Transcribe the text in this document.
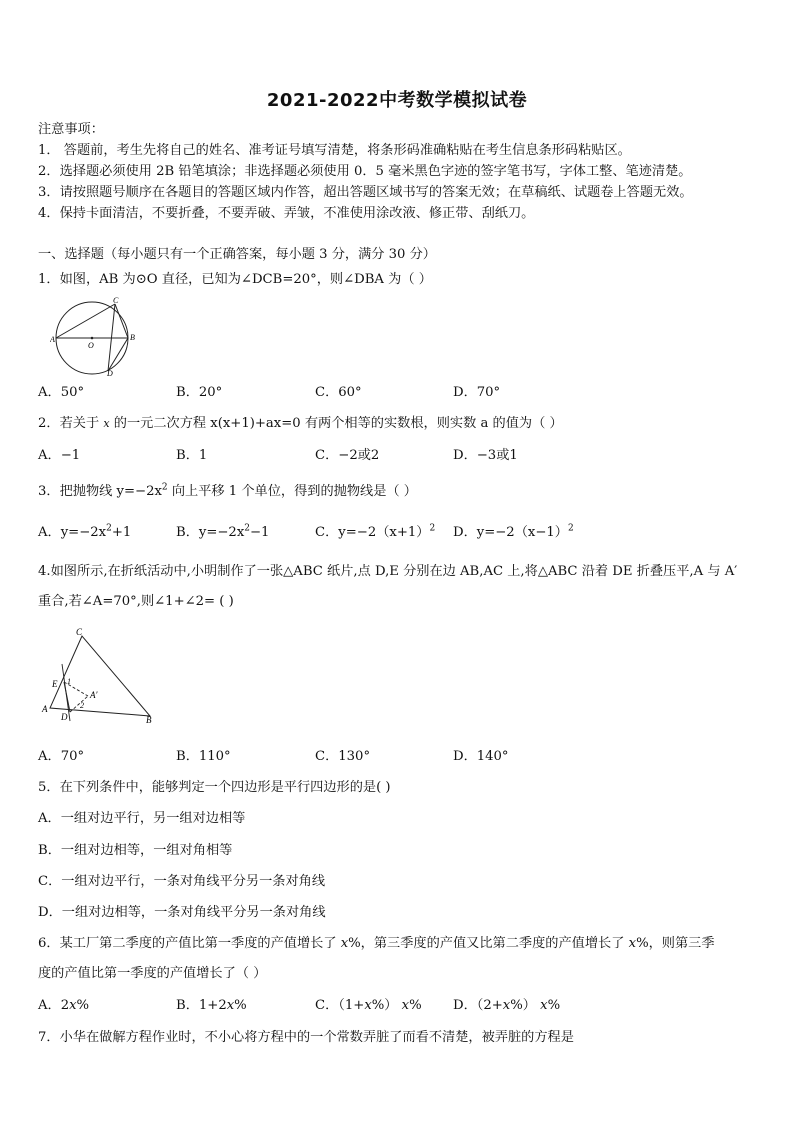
2021-2022中考数学模拟试卷
注意事项：
1． 答题前，考生先将自己的姓名、准考证号填写清楚，将条形码准确粘贴在考生信息条形码粘贴区。
2．选择题必须使用 2B 铅笔填涂；非选择题必须使用 0．5 毫米黑色字迹的签字笔书写，字体工整、笔迹清楚。
3．请按照题号顺序在各题目的答题区域内作答，超出答题区域书写的答案无效；在草稿纸、试题卷上答题无效。
4．保持卡面清洁，不要折叠，不要弄破、弄皱，不准使用涂改液、修正带、刮纸刀。
一、选择题（每小题只有一个正确答案，每小题 3 分，满分 30 分）
1．如图，AB 为⊙O 直径，已知为∠DCB=20°，则∠DBA 为（ ）
A
O
C
B
D
A．50°	B．20°	C．60°	D．70°
2．若关于 x 的一元二次方程 x(x+1)+ax=0 有两个相等的实数根，则实数 a 的值为（ ）
A．−1	B．1	C．−2或2	D．−3或1
3．把抛物线 $y=-2x^2$ 向上平移 1 个单位，得到的抛物线是（ ）
A．$y=-2x^2+1$	B．$y=-2x^2-1$	C．$y=-2(x+1)^2$ D．$y=-2(x-1)^2$
4.如图所示,在折纸活动中,小明制作了一张△ABC 纸片,点 D,E 分别在边 AB,AC 上,将△ABC 沿着 DE 折叠压平,A 与 A′
重合,若∠A=70°,则∠1+∠2= ( )
C
E 1
A′
2
A
D	B
A．70°	B．110°	C．130°	D．140°
5．在下列条件中，能够判定一个四边形是平行四边形的是( )
A．一组对边平行，另一组对边相等
B．一组对边相等，一组对角相等
C．一组对边平行，一条对角线平分另一条对角线
D．一组对边相等，一条对角线平分另一条对角线
6．某工厂第二季度的产值比第一季度的产值增长了 x%，第三季度的产值又比第二季度的产值增长了 x%，则第三季
度的产值比第一季度的产值增长了（ ）
A．2x%	B．1+2x%	C．（1+x%） x% D．（2+x%） x%
7．小华在做解方程作业时，不小心将方程中的一个常数弄脏了而看不清楚，被弄脏的方程是
